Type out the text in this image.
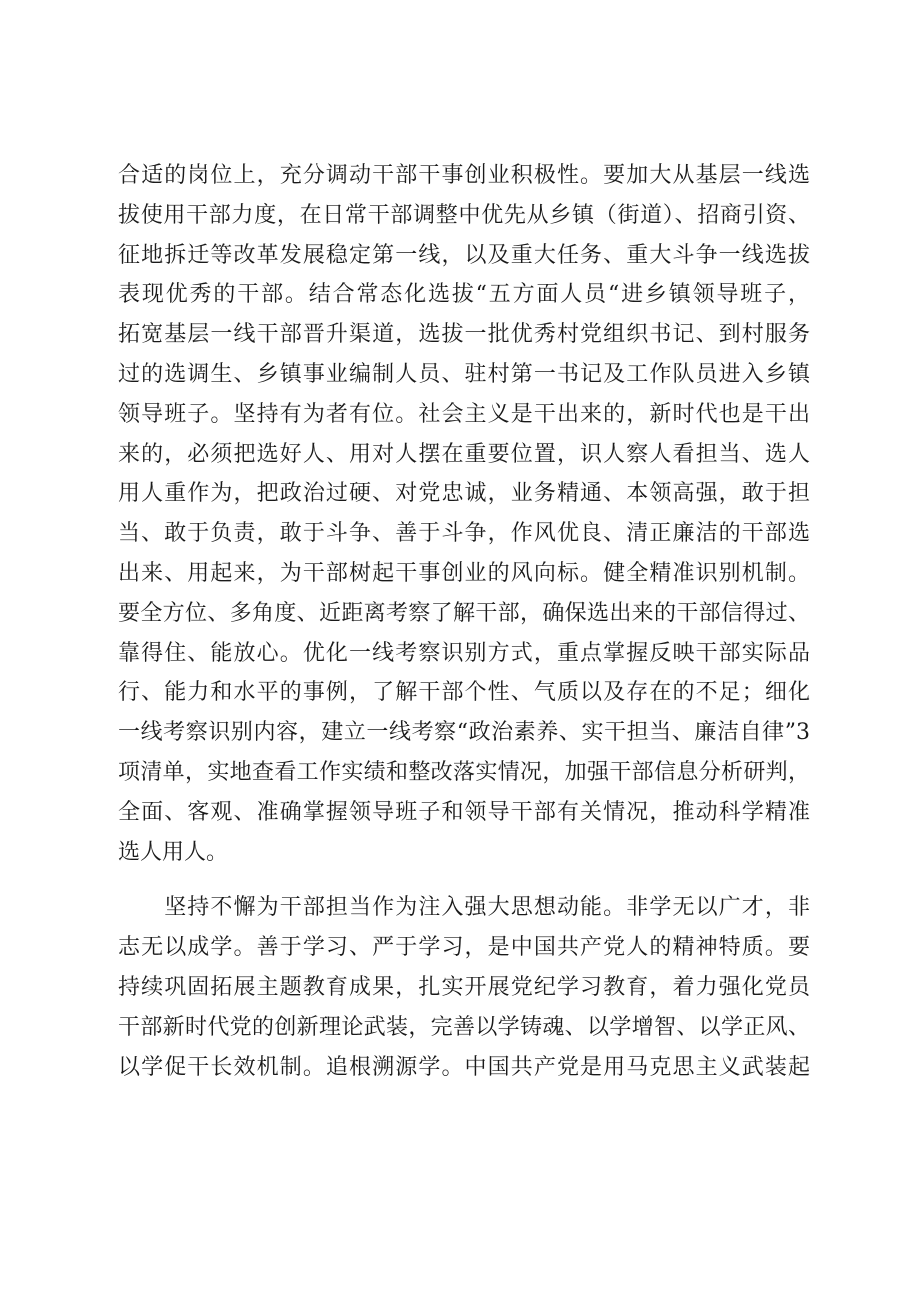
合适的岗位上，充分调动干部干事创业积极性。要加大从基层一线选
拔使用干部力度，在日常干部调整中优先从乡镇（街道）、招商引资、
征地拆迁等改革发展稳定第一线，以及重大任务、重大斗争一线选拔
表现优秀的干部。结合常态化选拔“五方面人员“进乡镇领导班子，
拓宽基层一线干部晋升渠道，选拔一批优秀村党组织书记、到村服务
过的选调生、乡镇事业编制人员、驻村第一书记及工作队员进入乡镇
领导班子。坚持有为者有位。社会主义是干出来的，新时代也是干出
来的，必须把选好人、用对人摆在重要位置，识人察人看担当、选人
用人重作为，把政治过硬、对党忠诚，业务精通、本领高强，敢于担
当、敢于负责，敢于斗争、善于斗争，作风优良、清正廉洁的干部选
出来、用起来，为干部树起干事创业的风向标。健全精准识别机制。
要全方位、多角度、近距离考察了解干部，确保选出来的干部信得过、
靠得住、能放心。优化一线考察识别方式，重点掌握反映干部实际品
行、能力和水平的事例，了解干部个性、气质以及存在的不足；细化
一线考察识别内容，建立一线考察“政治素养、实干担当、廉洁自律”3
项清单，实地查看工作实绩和整改落实情况，加强干部信息分析研判，
全面、客观、准确掌握领导班子和领导干部有关情况，推动科学精准
选人用人。
　　坚持不懈为干部担当作为注入强大思想动能。非学无以广才，非
志无以成学。善于学习、严于学习，是中国共产党人的精神特质。要
持续巩固拓展主题教育成果，扎实开展党纪学习教育，着力强化党员
干部新时代党的创新理论武装，完善以学铸魂、以学增智、以学正风、
以学促干长效机制。追根溯源学。中国共产党是用马克思主义武装起
